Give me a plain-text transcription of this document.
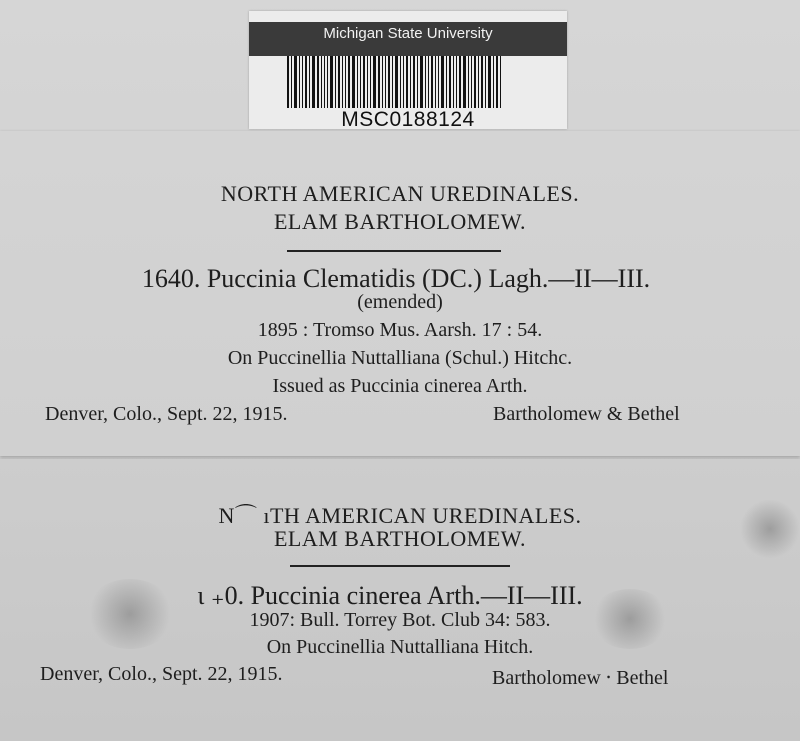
Michigan State University
MSC0188124
NORTH AMERICAN UREDINALES.
ELAM BARTHOLOMEW.
1640. Puccinia Clematidis (DC.) Lagh.—II—III.
(emended)
1895 : Tromso Mus. Aarsh. 17 : 54.
On Puccinellia Nuttalliana (Schul.) Hitchc.
Issued as Puccinia cinerea Arth.
Denver, Colo., Sept. 22, 1915.	Bartholomew & Bethel
N⌒ ıTH AMERICAN UREDINALES.
ELAM BARTHOLOMEW.
ɩ ₊0. Puccinia cinerea Arth.—II—III.
1907: Bull. Torrey Bot. Club 34: 583.
On Puccinellia Nuttalliana Hitch.
Denver, Colo., Sept. 22, 1915.	Bartholomew ⸱ Bethel
